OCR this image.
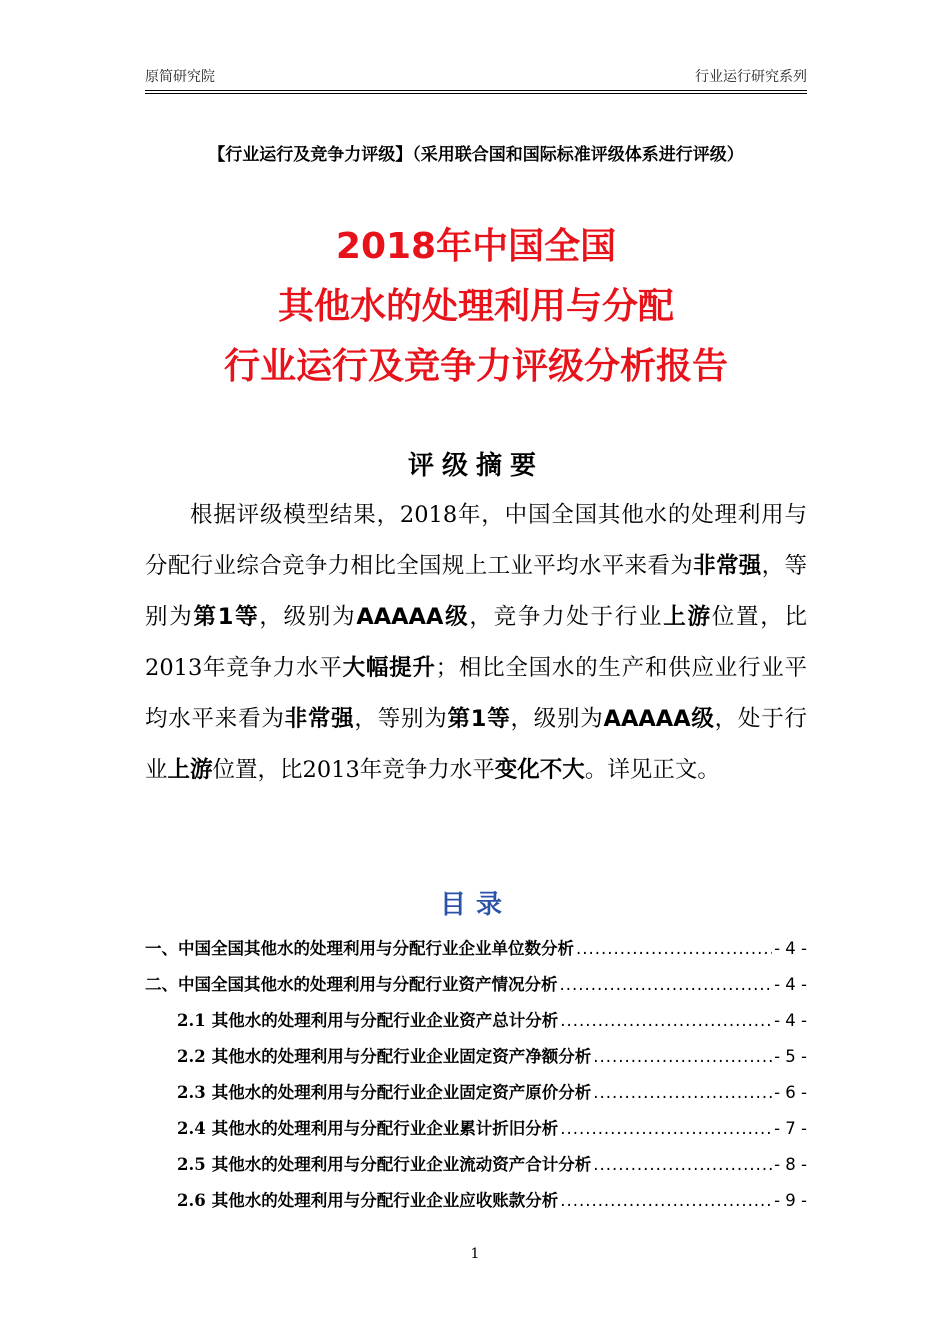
原简研究院	行业运行研究系列
【行业运行及竞争力评级】（采用联合国和国际标准评级体系进行评级）
2018年中国全国
其他水的处理利用与分配
行业运行及竞争力评级分析报告
评级摘要
根据评级模型结果，2018年，中国全国其他水的处理利用与分配行业综合竞争力相比全国规上工业平均水平来看为非常强，等别为第1等，级别为AAAAA级，竞争力处于行业上游位置，比2013年竞争力水平大幅提升；相比全国水的生产和供应业行业平均水平来看为非常强，等别为第1等，级别为AAAAA级，处于行业上游位置，比2013年竞争力水平变化不大。详见正文。
目录
一、中国全国其他水的处理利用与分配行业企业单位数分析 .....	- 4 -
二、中国全国其他水的处理利用与分配行业资产情况分析 .....	- 4 -
2.1 其他水的处理利用与分配行业企业资产总计分析 .....	- 4 -
2.2 其他水的处理利用与分配行业企业固定资产净额分析 .....	- 5 -
2.3 其他水的处理利用与分配行业企业固定资产原价分析 .....	- 6 -
2.4 其他水的处理利用与分配行业企业累计折旧分析 .....	- 7 -
2.5 其他水的处理利用与分配行业企业流动资产合计分析 .....	- 8 -
2.6 其他水的处理利用与分配行业企业应收账款分析 .....	- 9 -
1
